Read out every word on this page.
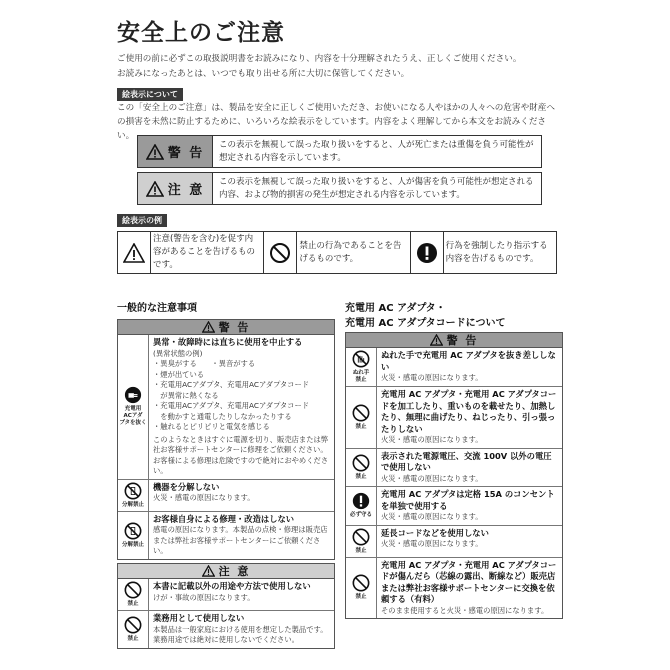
安全上のご注意
ご使用の前に必ずこの取扱説明書をお読みになり、内容を十分理解されたうえ、正しくご使用ください。
お読みになったあとは、いつでも取り出せる所に大切に保管してください。
絵表示について
この「安全上のご注意」は、製品を安全に正しくご使用いただき、お使いになる人やほかの人々への危害や財産への損害を未然に防止するために、いろいろな絵表示をしています。内容をよく理解してから本文をお読みください。
警 告
この表示を無視して誤った取り扱いをすると、人が死亡または重傷を負う可能性が想定される内容を示しています。
注 意
この表示を無視して誤った取り扱いをすると、人が傷害を負う可能性が想定される内容、および物的損害の発生が想定される内容を示しています。
絵表示の例
注意(警告を含む)を促す内容があることを告げるものです。
禁止の行為であることを告げるものです。
行為を強制したり指示する内容を告げるものです。
一般的な注意事項
警 告
充電用
ACアダ
プタを抜く
異常・故障時には直ちに使用を中止する
(異常状態の例)
・異臭がする　　・異音がする
・煙が出ている
・充電用ACアダプタ、充電用ACアダプタコード
　が異常に熱くなる
・充電用ACアダプタ、充電用ACアダプタコード
　を動かすと通電したりしなかったりする
・触れるとピリピリと電気を感じる
このようなときはすぐに電源を切り、販売店または弊社お客様サポートセンターに修理をご依頼ください。お客様による修理は危険ですので絶対におやめください。
分解禁止
機器を分解しない
火災・感電の原因になります。
分解禁止
お客様自身による修理・改造はしない
感電の原因になります。本製品の点検・修理は販売店または弊社お客様サポートセンターにご依頼ください。
注 意
禁止
本書に記載以外の用途や方法で使用しない
けが・事故の原因になります。
禁止
業務用として使用しない
本製品は一般家庭における使用を想定した製品です。業務用途では絶対に使用しないでください。
充電用 AC アダプタ・
充電用 AC アダプタコードについて
警 告
ぬれ手
禁止
ぬれた手で充電用 AC アダプタを抜き差ししない
火災・感電の原因になります。
禁止
充電用 AC アダプタ・充電用 AC アダプタコードを加工したり、重いものを載せたり、加熱したり、無理に曲げたり、ねじったり、引っ張ったりしない
火災・感電の原因になります。
禁止
表示された電源電圧、交流 100V 以外の電圧で使用しない
火災・感電の原因になります。
必ず守る
充電用 AC アダプタは定格 15A のコンセントを単独で使用する
火災・感電の原因になります。
禁止
延長コードなどを使用しない
火災・感電の原因になります。
禁止
充電用 AC アダプタ・充電用 AC アダプタコードが傷んだら（芯線の露出、断線など）販売店または弊社お客様サポートセンターに交換を依頼する（有料）
そのまま使用すると火災・感電の原因になります。
※イメージ
